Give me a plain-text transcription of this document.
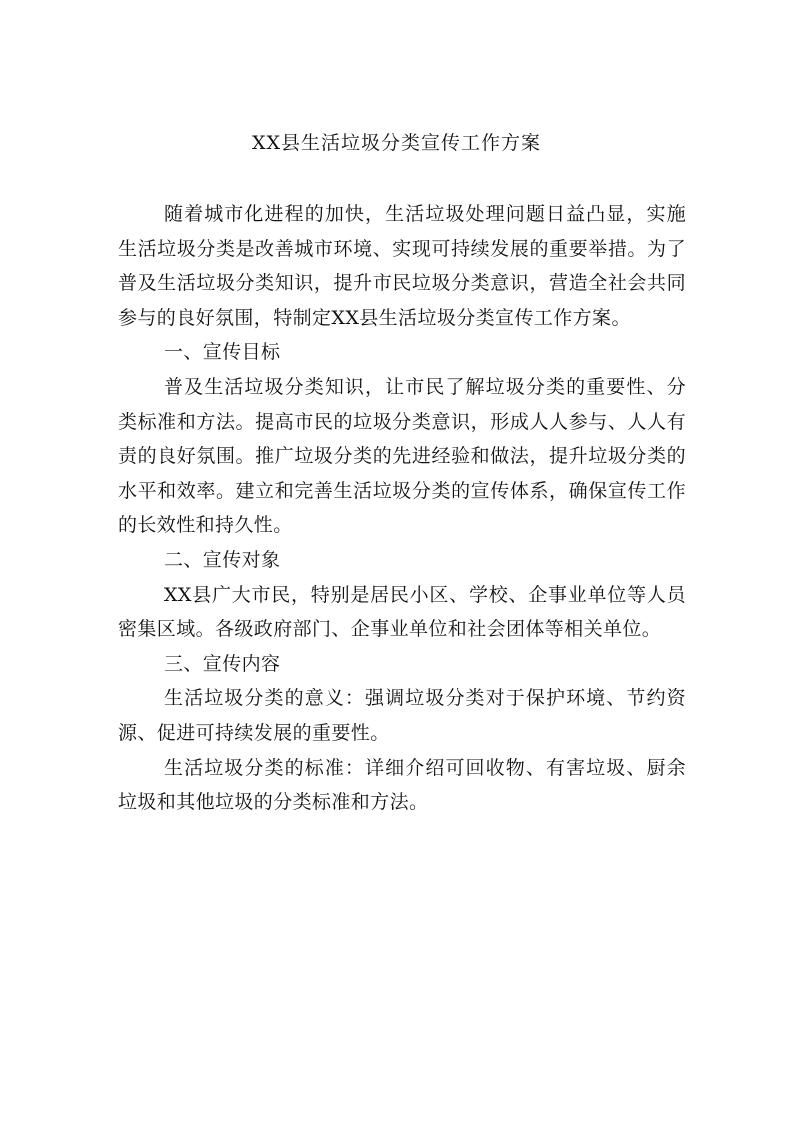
XX县生活垃圾分类宣传工作方案

随着城市化进程的加快，生活垃圾处理问题日益凸显，实施生活垃圾分类是改善城市环境、实现可持续发展的重要举措。为了普及生活垃圾分类知识，提升市民垃圾分类意识，营造全社会共同参与的良好氛围，特制定XX县生活垃圾分类宣传工作方案。

一、宣传目标

普及生活垃圾分类知识，让市民了解垃圾分类的重要性、分类标准和方法。提高市民的垃圾分类意识，形成人人参与、人人有责的良好氛围。推广垃圾分类的先进经验和做法，提升垃圾分类的水平和效率。建立和完善生活垃圾分类的宣传体系，确保宣传工作的长效性和持久性。

二、宣传对象

XX县广大市民，特别是居民小区、学校、企事业单位等人员密集区域。各级政府部门、企事业单位和社会团体等相关单位。

三、宣传内容

生活垃圾分类的意义：强调垃圾分类对于保护环境、节约资源、促进可持续发展的重要性。

生活垃圾分类的标准：详细介绍可回收物、有害垃圾、厨余垃圾和其他垃圾的分类标准和方法。
